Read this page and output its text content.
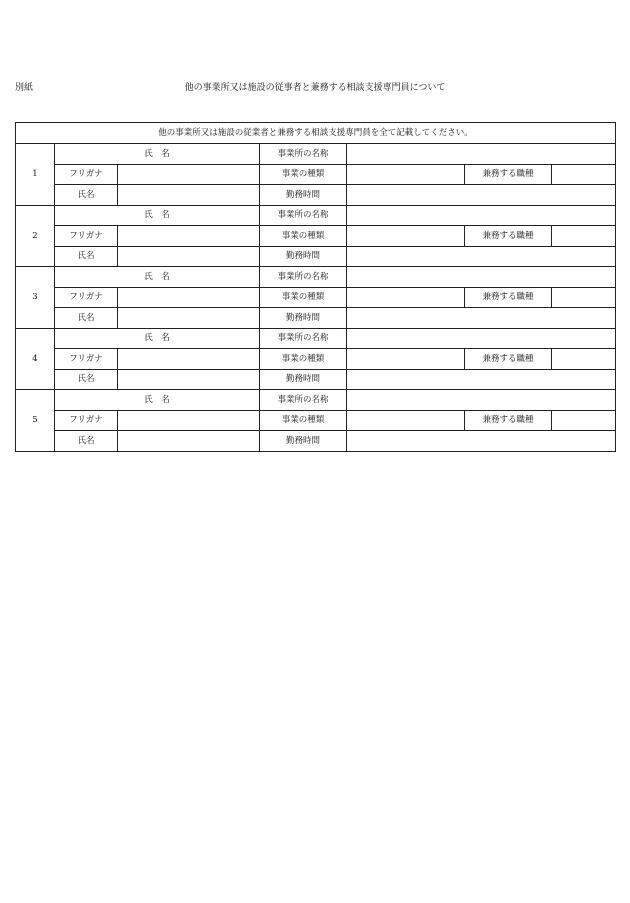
別紙	他の事業所又は施設の従事者と兼務する相談支援専門員について
他の事業所又は施設の従業者と兼務する相談支援専門員を全て記載してください。						
1	氏　名		事業所の名称			
	フリガナ		事業の種類		兼務する職種	
	氏名		勤務時間			
2	氏　名		事業所の名称			
	フリガナ		事業の種類		兼務する職種	
	氏名		勤務時間			
3	氏　名		事業所の名称			
	フリガナ		事業の種類		兼務する職種	
	氏名		勤務時間			
4	氏　名		事業所の名称			
	フリガナ		事業の種類		兼務する職種	
	氏名		勤務時間			
5	氏　名		事業所の名称			
	フリガナ		事業の種類		兼務する職種	
	氏名		勤務時間			
